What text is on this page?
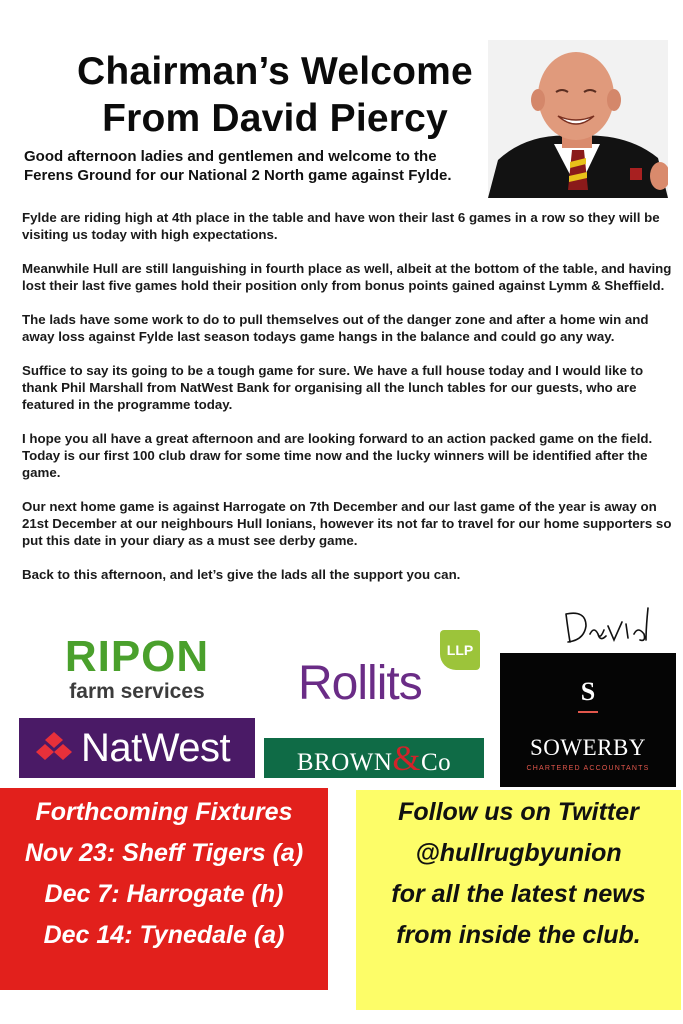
Chairman’s Welcome
From David Piercy
Good afternoon ladies and gentlemen and welcome to the Ferens Ground for our National 2 North game against Fylde.

Fylde are riding high at 4th place in the table and have won their last 6 games in a row so they will be visiting us today with high expectations.

Meanwhile Hull are still languishing in fourth place as well, albeit at the bottom of the table, and having lost their last five games hold their position only from bonus points gained against Lymm & Sheffield.

The lads have some work to do to pull themselves out of the danger zone and after a home win and away loss against Fylde last season todays game hangs in the balance and could go any way.

Suffice to say its going to be a tough game for sure. We have a full house today and I would like to thank Phil Marshall from NatWest Bank for organising all the lunch tables for our guests, who are featured in the programme today.

I hope you all have a great afternoon and are looking forward to an action packed game on the field. Today is our first 100 club draw for some time now and the lucky winners will be identified after the game.

Our next home game is against Harrogate on 7th December and our last game of the year is away on 21st December at our neighbours Hull Ionians, however its not far to travel for our home supporters so put this date in your diary as a must see derby game.

Back to this afternoon, and let’s give the lads all the support you can.

RIPON
farm services
LLP
Rollits	S
SOWERBY
CHARTERED ACCOUNTANTS
NatWest	BROWN&Co
Forthcoming Fixtures
Nov 23: Sheff Tigers (a)
Dec 7: Harrogate (h)
Dec 14: Tynedale (a)
Follow us on Twitter
@hullrugbyunion
for all the latest news
from inside the club.
